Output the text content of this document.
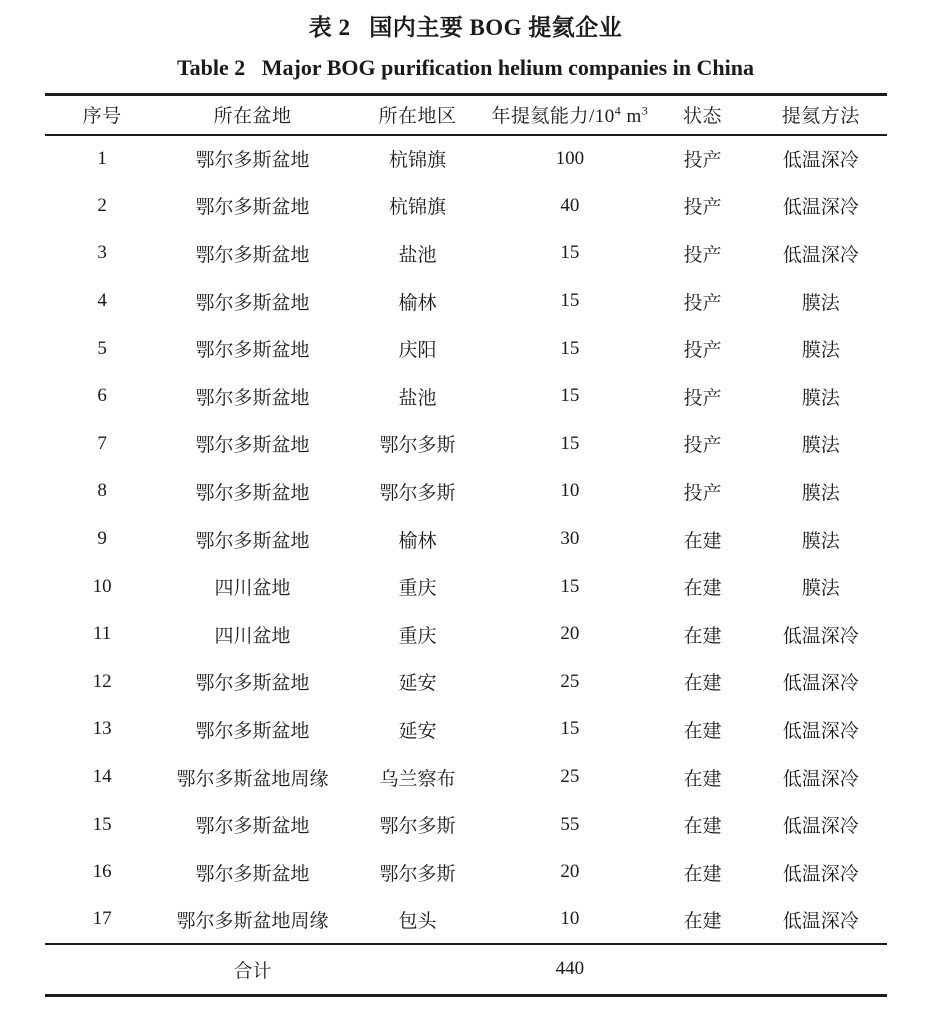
表 2   国内主要 BOG 提氦企业
Table 2   Major BOG purification helium companies in China
序号	所在盆地	所在地区	年提氦能力$/10^4$ $m^3$	状态	提氦方法
1	鄂尔多斯盆地	杭锦旗	100	投产	低温深冷
2	鄂尔多斯盆地	杭锦旗	40	投产	低温深冷
3	鄂尔多斯盆地	盐池	15	投产	低温深冷
4	鄂尔多斯盆地	榆林	15	投产	膜法
5	鄂尔多斯盆地	庆阳	15	投产	膜法
6	鄂尔多斯盆地	盐池	15	投产	膜法
7	鄂尔多斯盆地	鄂尔多斯	15	投产	膜法
8	鄂尔多斯盆地	鄂尔多斯	10	投产	膜法
9	鄂尔多斯盆地	榆林	30	在建	膜法
10	四川盆地	重庆	15	在建	膜法
11	四川盆地	重庆	20	在建	低温深冷
12	鄂尔多斯盆地	延安	25	在建	低温深冷
13	鄂尔多斯盆地	延安	15	在建	低温深冷
14	鄂尔多斯盆地周缘	乌兰察布	25	在建	低温深冷
15	鄂尔多斯盆地	鄂尔多斯	55	在建	低温深冷
16	鄂尔多斯盆地	鄂尔多斯	20	在建	低温深冷
17	鄂尔多斯盆地周缘	包头	10	在建	低温深冷
	合计		440		
